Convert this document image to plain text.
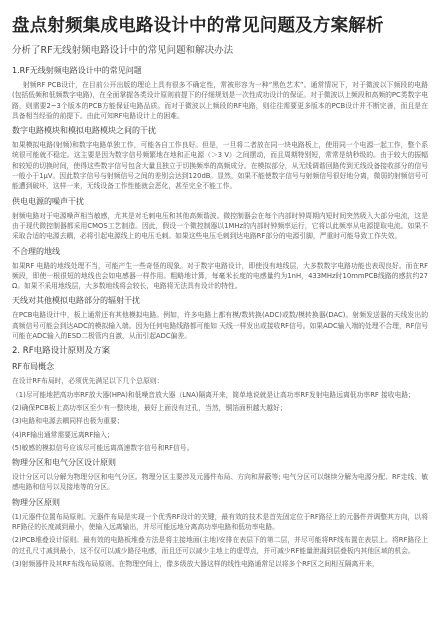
盘点射频集成电路设计中的常见问题及方案解析
分析了RF无线射频电路设计中的常见问题和解决办法
1.RF无线射频电路设计中的常见问题

射频RF PCB设计，在目前公开出版的理论上具有很多不确定性，常被形容为一种“黑色艺术”。通常情况下，对于微波以下频段的电路(包括低频和低频数字电路)，在全面掌握各类设计原则前提下的仔细规划是一次性成功设计的保证。对于微波以上频段和高频的PC类数字电路，则需要2~3个版本的PCB方能保证电路品质。而对于微波以上频段的RF电路，则往往需要更多版本的PCB设计并不断完善，而且是在具备相当经验的前提下。由此可知RF电路设计上的困难。

数字电路模块和模拟电路模块之间的干扰

如果模拟电路(射频)和数字电路单独工作，可能各自工作良好。但是，一旦将二者放在同一块电路板上，使用同一个电源一起工作，整个系统很可能就不稳定。这主要是因为数字信号频繁地在地和正电源（＞3 V）之间摆动，而且周期特别短，常常是纳秒级的。由于较大的振幅和较短的切换时间，使得这些数字信号包含大量且独立于切换频率的高频成分。在模拟部分，从无线调谐回路传到无线设备接收部分的信号一般小于1μV。因此数字信号与射频信号之间的差别会达到120dB。显然，如果不能使数字信号与射频信号很好地分离，微弱的射频信号可能遭到破坏，这样一来，无线设备工作性能就会恶化，甚至完全不能工作。

供电电源的噪声干扰

射频电路对于电源噪声相当敏感，尤其是对毛刺电压和其他高频谐波。微控制器会在每个内部时钟周期内短时间突然吸入大部分电流，这是由于现代微控制器都采用CMOS工艺制造。因此，假设一个微控制器以1MHz的内部时钟频率运行，它将以此频率从电源提取电流。如果不采取合适的电源去耦，必将引起电源线上的电压毛刺。如果这些电压毛刺到达电路RF部分的电源引脚，严重时可能导致工作失效。

不合理的地线

如果RF 电路的地线处理不当，可能产生一些奇怪的现象。对于数字电路设计，即使没有地线层，大多数数字电路功能也表现良好。而在RF 频段，即使一根很短的地线也会如电感器一样作用。粗略地计算，每毫米长度的电感量约为1nH，433MHz时10mmPCB线路的感抗约27Ω。如果不采用地线层，大多数地线将会较长，电路将无法具有设计的特性。

天线对其他模拟电路部分的辐射干扰

在PCB电路设计中，板上通常还有其他模拟电路。例如，许多电路上都有模/数转换(ADC)或数/模转换器(DAC)。射频发送器的天线发出的高频信号可能会到达ADC的模拟输入端。因为任何电路线路都可能如 天线一样发出或接收RF信号。如果ADC输入端的处理不合理，RF信号可能在ADC输入的ESD二极管内自激，从而引起ADC偏差。

2. RF电路设计原则及方案
RF布局概念

在设计RF布局时，必须优先满足以下几个总原则：

（1)尽可能地把高功率RF放大器(HPA)和低噪音放大器（LNA)隔离开来，简单地说就是让高功率RF发射电路远离低功率RF 接收电路；

(2)确保PCB板上高功率区至少有一整块地，最好上面没有过孔，当然，铜箔面积越大越好；

(3)电路和电源去耦同样也极为重要；

(4)RF输出通常需要远离RF输入；

(5)敏感的模拟信号应该尽可能远离高速数字信号和RF信号。

物理分区和电气分区设计原则

设计分区可以分解为物理分区和电气分区。物理分区主要涉及元器件布局、方向和屏蔽等; 电气分区可以继续分解为电源分配、RF走线、敏感电路和信号以及接地等的分区。

物理分区原则

(1)元器件位置布局原则。元器件布局是实现一个优秀RF设计的关键，最有效的技术是首先固定位于RF路径上的元器件并调整其方向，以将RF路径的长度减到最小，使输入远离输出，并尽可能远地分离高功率电路和低功率电路。

(2)PCB堆叠设计原则。最有效的电路板堆叠方法是将主接地面(主地)安排在表层下的第二层，并尽可能将RF线布置在表层上。将RF路径上的过孔尺寸减到最小，这不仅可以减少路径电感，而且还可以减少主地上的虚焊点，并可减少RF能量泄漏到层叠板内其他区域的机会。

(3)射频器件及其RF布线布局原则。在物理空间上，像多级放大器这样的线性电路通常足以将多个RF区之间相互隔离开来，
